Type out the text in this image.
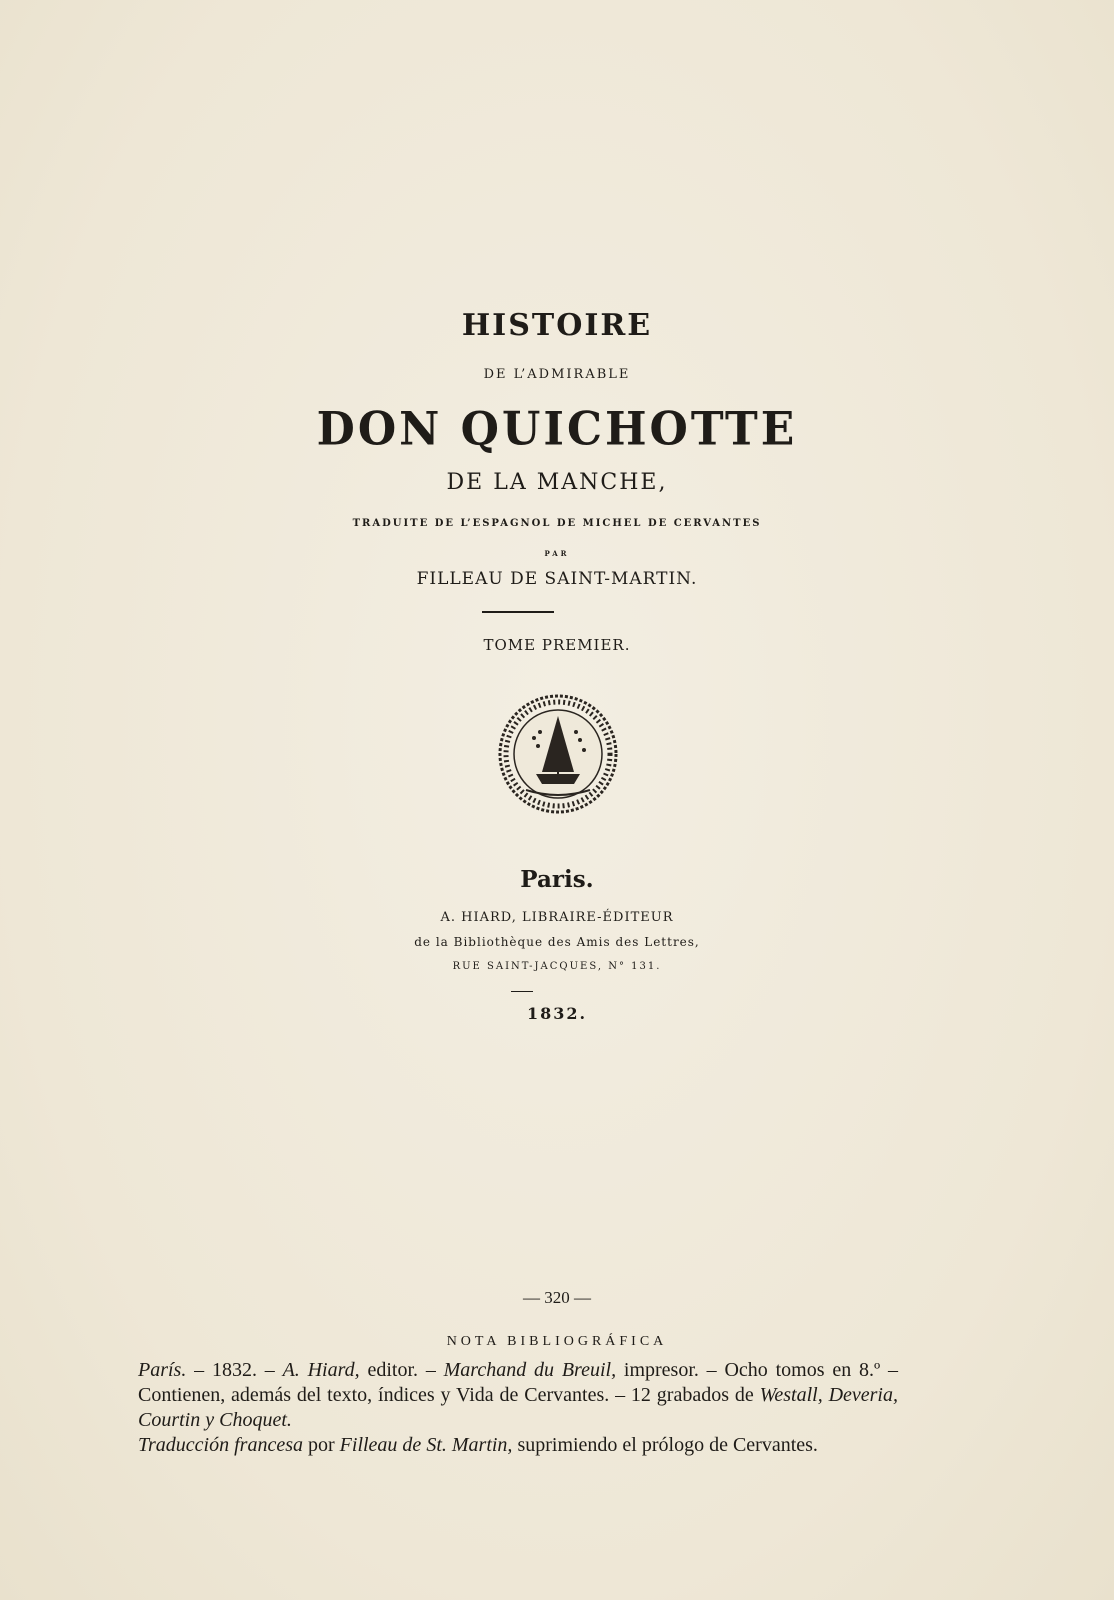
HISTOIRE
DE L’ADMIRABLE
DON QUICHOTTE
DE LA MANCHE,
TRADUITE DE L’ESPAGNOL DE MICHEL DE CERVANTES
PAR
FILLEAU DE SAINT-MARTIN.
TOME PREMIER.
Paris.
A. HIARD, LIBRAIRE-ÉDITEUR
de la Bibliothèque des Amis des Lettres,
RUE SAINT-JACQUES, N° 131.
1832.
— 320 —
NOTA BIBLIOGRÁFICA
París. – 1832. – A. Hiard, editor. – Marchand du Breuil, impresor. – Ocho tomos en 8.º – Contienen, además del texto, índices y Vida de Cervantes. – 12 grabados de Westall, Deveria, Courtin y Choquet.
Traducción francesa por Filleau de St. Martin, suprimiendo el prólogo de Cervantes.
